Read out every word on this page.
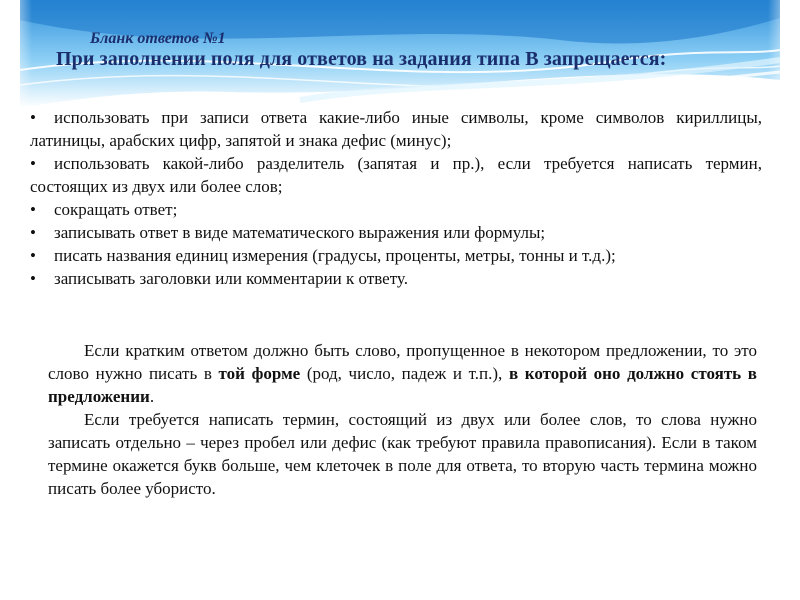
Бланк ответов №1
При заполнении поля для ответов на задания типа В запрещается:
• использовать при записи ответа какие-либо иные символы, кроме символов кириллицы, латиницы, арабских цифр, запятой и знака дефис (минус);
• использовать какой-либо разделитель (запятая и пр.), если требуется написать термин, состоящих из двух или более слов;
• сокращать ответ;
• записывать ответ в виде математического выражения или формулы;
• писать названия единиц измерения (градусы, проценты, метры, тонны и т.д.);
• записывать заголовки или комментарии к ответу.

Если кратким ответом должно быть слово, пропущенное в некотором предложении, то это слово нужно писать в той форме (род, число, падеж и т.п.), в которой оно должно стоять в предложении.

Если требуется написать термин, состоящий из двух или более слов, то слова нужно записать отдельно – через пробел или дефис (как требуют правила правописания). Если в таком термине окажется букв больше, чем клеточек в поле для ответа, то вторую часть термина можно писать более убористо.
